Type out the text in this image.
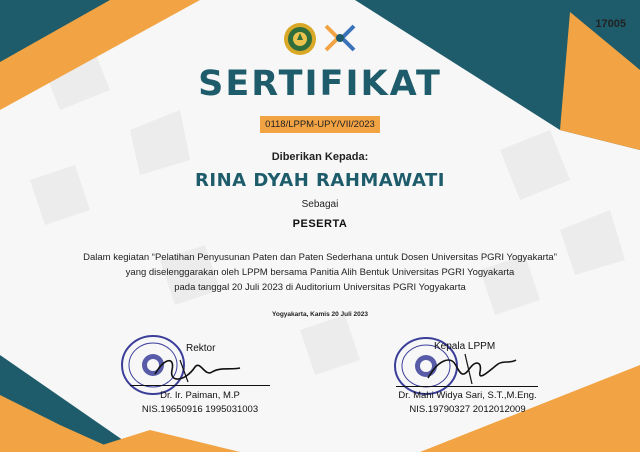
17005
SERTIFIKAT
0118/LPPM-UPY/VII/2023
Diberikan Kepada:
RINA DYAH RAHMAWATI
Sebagai
PESERTA
Dalam kegiatan “Pelatihan Penyusunan Paten dan Paten Sederhana untuk Dosen Universitas PGRI Yogyakarta”
yang diselenggarakan oleh LPPM bersama Panitia Alih Bentuk Universitas PGRI Yogyakarta
pada tanggal 20 Juli 2023 di Auditorium Universitas PGRI Yogyakarta
Yogyakarta, Kamis 20 Juli 2023
Rektor
Dr. Ir. Paiman, M.P
NIS.19650916 1995031003
Kepala LPPM
Dr. Mahi Widya Sari, S.T.,M.Eng.
NIS.19790327 2012012009
